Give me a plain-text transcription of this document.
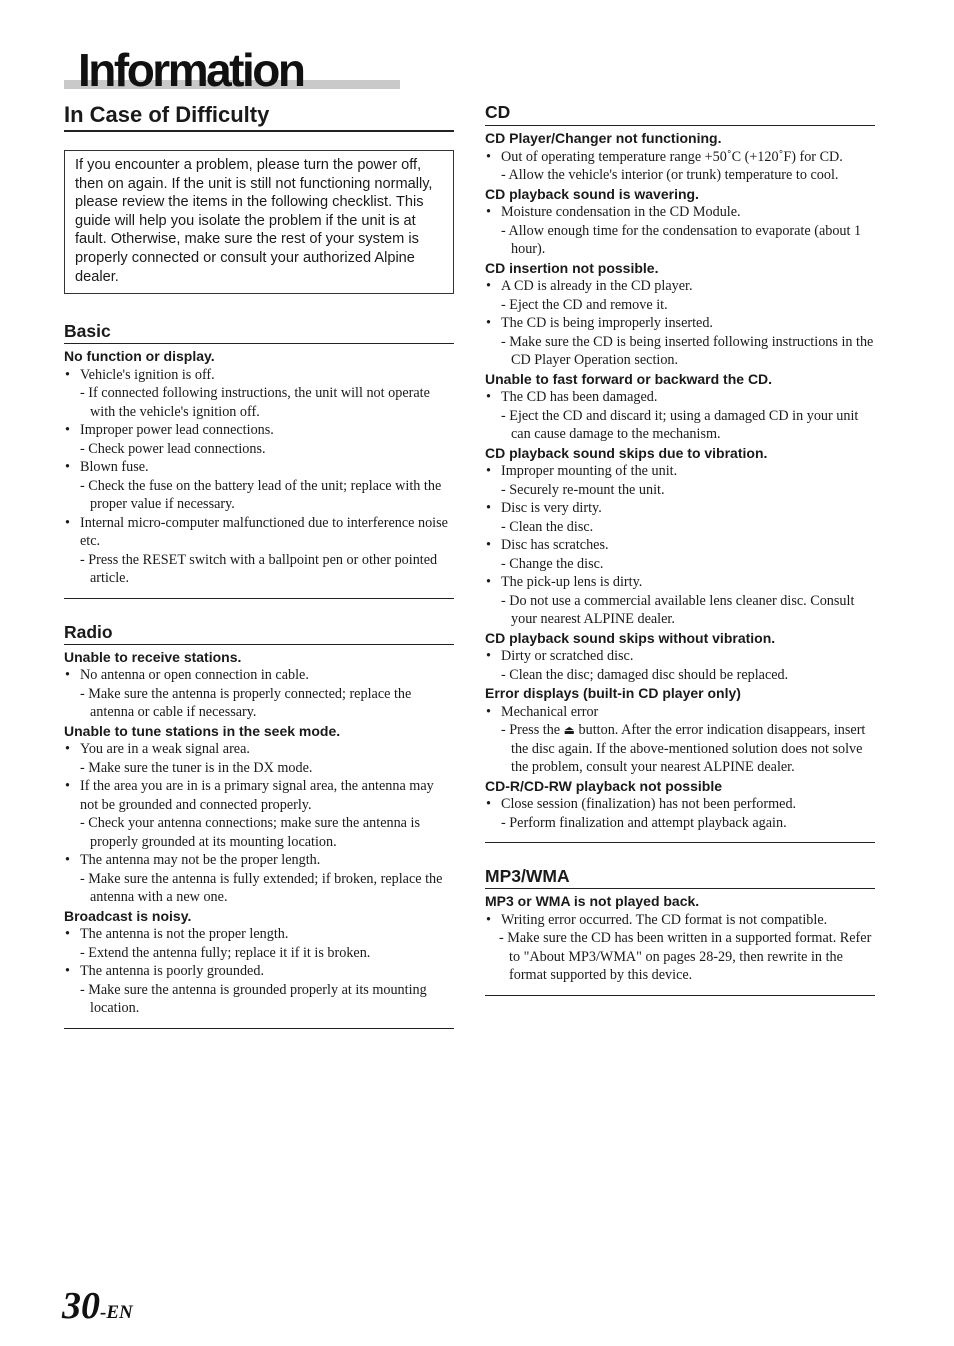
Information
In Case of Difficulty
If you encounter a problem, please turn the power off, then on again. If the unit is still not functioning normally, please review the items in the following checklist. This guide will help you isolate the problem if the unit is at fault. Otherwise, make sure the rest of your system is properly connected or consult your authorized Alpine dealer.
Basic

No function or display.

• Vehicle's ignition is off.

- If connected following instructions, the unit will not operate with the vehicle's ignition off.

• Improper power lead connections.

- Check power lead connections.

• Blown fuse.

- Check the fuse on the battery lead of the unit; replace with the proper value if necessary.

• Internal micro-computer malfunctioned due to interference noise etc.

- Press the RESET switch with a ballpoint pen or other pointed article.

Radio

Unable to receive stations.

• No antenna or open connection in cable.

- Make sure the antenna is properly connected; replace the antenna or cable if necessary.

Unable to tune stations in the seek mode.

• You are in a weak signal area.

- Make sure the tuner is in the DX mode.

• If the area you are in is a primary signal area, the antenna may not be grounded and connected properly.

- Check your antenna connections; make sure the antenna is properly grounded at its mounting location.

• The antenna may not be the proper length.

- Make sure the antenna is fully extended; if broken, replace the antenna with a new one.

Broadcast is noisy.

• The antenna is not the proper length.

- Extend the antenna fully; replace it if it is broken.

• The antenna is poorly grounded.

- Make sure the antenna is grounded properly at its mounting location.

CD

CD Player/Changer not functioning.

• Out of operating temperature range +50˚C (+120˚F) for CD.

- Allow the vehicle's interior (or trunk) temperature to cool.

CD playback sound is wavering.

• Moisture condensation in the CD Module.

- Allow enough time for the condensation to evaporate (about 1 hour).

CD insertion not possible.

• A CD is already in the CD player.

- Eject the CD and remove it.

• The CD is being improperly inserted.

- Make sure the CD is being inserted following instructions in the CD Player Operation section.

Unable to fast forward or backward the CD.

• The CD has been damaged.

- Eject the CD and discard it; using a damaged CD in your unit can cause damage to the mechanism.

CD playback sound skips due to vibration.

• Improper mounting of the unit.

- Securely re-mount the unit.

• Disc is very dirty.

- Clean the disc.

• Disc has scratches.

- Change the disc.

• The pick-up lens is dirty.

- Do not use a commercial available lens cleaner disc. Consult your nearest ALPINE dealer.

CD playback sound skips without vibration.

• Dirty or scratched disc.

- Clean the disc; damaged disc should be replaced.

Error displays (built-in CD player only)

• Mechanical error

- Press the ⏏ button. After the error indication disappears, insert the disc again. If the above-mentioned solution does not solve the problem, consult your nearest ALPINE dealer.

CD-R/CD-RW playback not possible

• Close session (finalization) has not been performed.

- Perform finalization and attempt playback again.

MP3/WMA

MP3 or WMA is not played back.

• Writing error occurred. The CD format is not compatible.

- Make sure the CD has been written in a supported format. Refer to "About MP3/WMA" on pages 28-29, then rewrite in the format supported by this device.

30-EN
